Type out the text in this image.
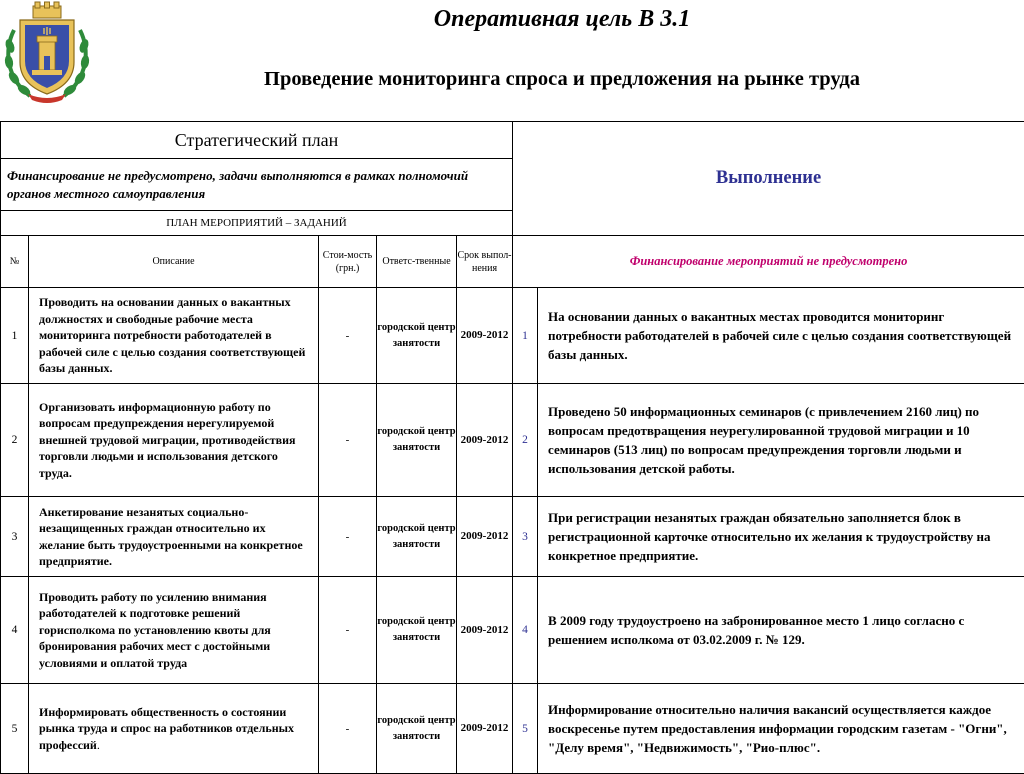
Оперативная цель В 3.1
Проведение мониторинга спроса и предложения на рынке труда
Стратегический план					Выполнение	
Финансирование не предусмотрено, задачи выполняются в рамках полномочий органов местного самоуправления						
ПЛАН МЕРОПРИЯТИЙ – ЗАДАНИЙ						
№	Описание	Стои-мость (грн.)	Ответс-твенные	Срок выпол-нения	Финансирование мероприятий не предусмотрено	
1	Проводить на основании данных о вакантных должностях и свободные рабочие места мониторинга потребности работодателей в рабочей силе с целью создания соответствующей базы данных.	-	городской центр занятости	2009-2012	1	На основании данных о вакантных местах проводится мониторинг потребности работодателей в рабочей силе с целью создания соответствующей базы данных.
2	Организовать информационную работу по вопросам предупреждения нерегулируемой внешней трудовой миграции, противодействия торговли людьми и использования детского труда.	-	городской центр занятости	2009-2012	2	Проведено 50 информационных семинаров (с привлечением 2160 лиц) по вопросам предотвращения неурегулированной трудовой миграции и 10 семинаров (513 лиц) по вопросам предупреждения торговли людьми и использования детской работы.
3	Анкетирование незанятых социально-незащищенных граждан относительно их желание быть трудоустроенными на конкретное предприятие.	-	городской центр занятости	2009-2012	3	При регистрации незанятых граждан обязательно заполняется блок в регистрационной карточке относительно их желания к трудоустройству на конкретное предприятие.
4	Проводить работу по усилению внимания работодателей к подготовке решений горисполкома по установлению квоты для бронирования рабочих мест с достойными условиями и оплатой труда	-	городской центр занятости	2009-2012	4	В 2009 году трудоустроено на забронированное место 1 лицо согласно с решением исполкома от 03.02.2009 г. № 129.
5	Информировать общественность о состоянии рынка труда и спрос на работников отдельных профессий.	-	городской центр занятости	2009-2012	5	Информирование относительно наличия вакансий осуществляется каждое воскресенье путем предоставления информации городским газетам - "Огни", "Делу время", "Недвижимость", "Рио-плюс".
